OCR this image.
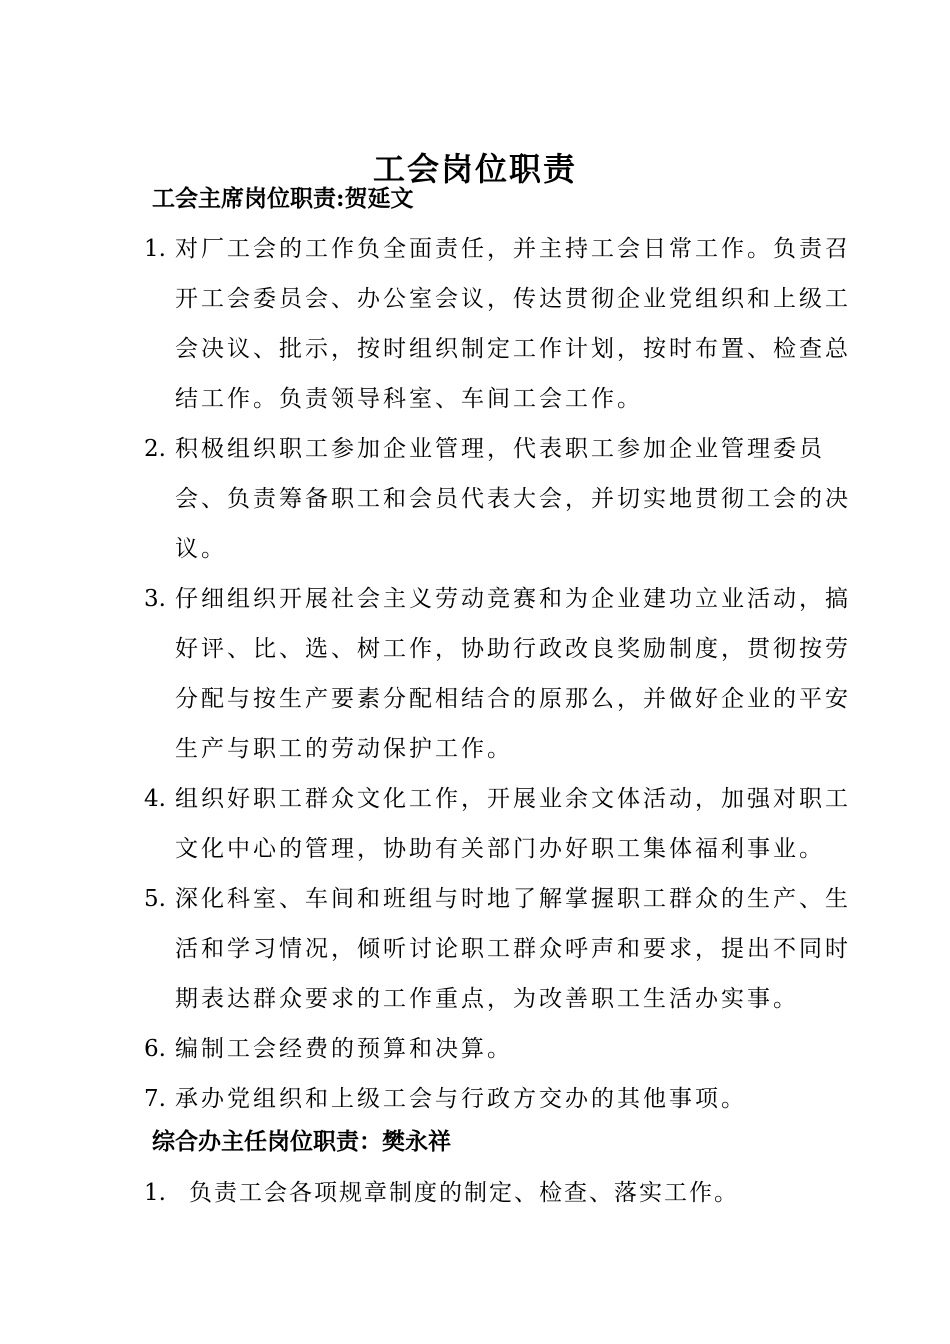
工会岗位职责
工会主席岗位职责:贺延文
1. 对厂工会的工作负全面责任，并主持工会日常工作。负责召开工会委员会、办公室会议，传达贯彻企业党组织和上级工会决议、批示，按时组织制定工作计划，按时布置、检查总结工作。负责领导科室、车间工会工作。
2. 积极组织职工参加企业管理，代表职工参加企业管理委员会、负责筹备职工和会员代表大会，并切实地贯彻工会的决议。
3. 仔细组织开展社会主义劳动竞赛和为企业建功立业活动，搞好评、比、选、树工作，协助行政改良奖励制度，贯彻按劳分配与按生产要素分配相结合的原那么，并做好企业的平安生产与职工的劳动保护工作。
4. 组织好职工群众文化工作，开展业余文体活动，加强对职工文化中心的管理，协助有关部门办好职工集体福利事业。
5. 深化科室、车间和班组与时地了解掌握职工群众的生产、生活和学习情况，倾听讨论职工群众呼声和要求，提出不同时期表达群众要求的工作重点，为改善职工生活办实事。
6. 编制工会经费的预算和决算。
7. 承办党组织和上级工会与行政方交办的其他事项。
综合办主任岗位职责：樊永祥
1. 负责工会各项规章制度的制定、检查、落实工作。
